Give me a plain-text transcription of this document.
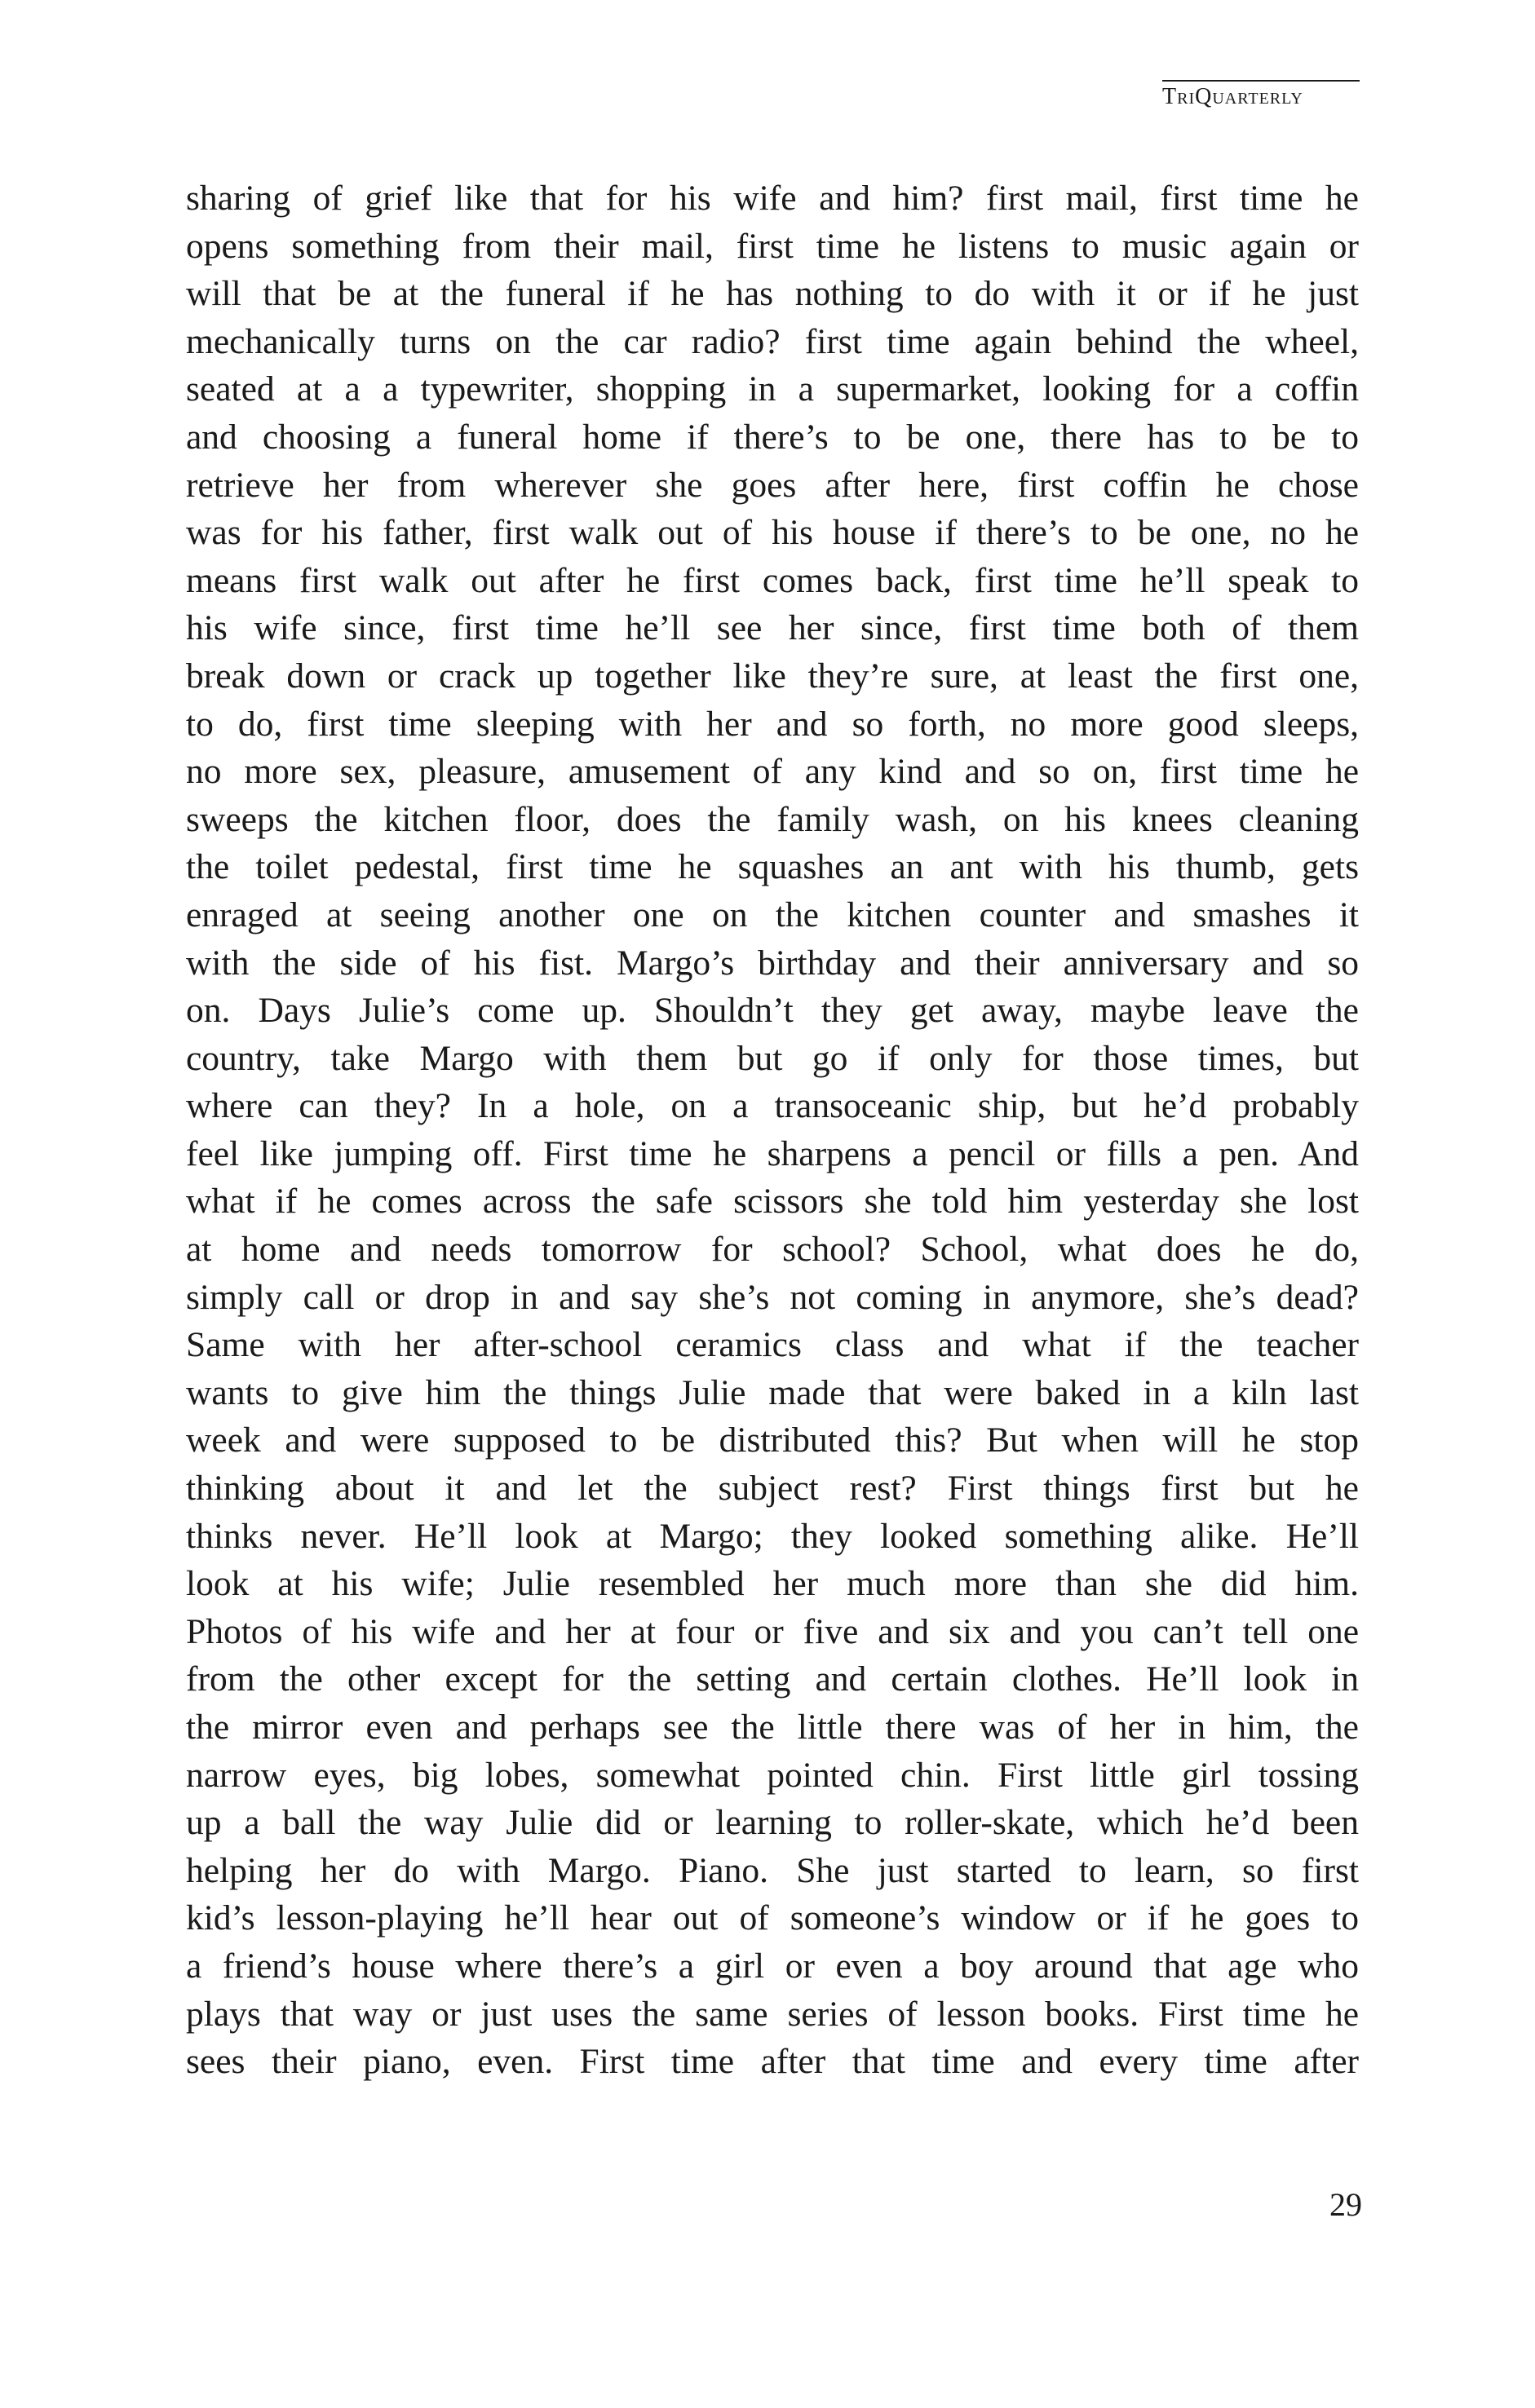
TriQuarterly
sharing of grief like that for his wife and him? first mail, first time he
opens something from their mail, first time he listens to music again or
will that be at the funeral if he has nothing to do with it or if he just
mechanically turns on the car radio? first time again behind the wheel,
seated at a a typewriter, shopping in a supermarket, looking for a coffin
and choosing a funeral home if there’s to be one, there has to be to
retrieve her from wherever she goes after here, first coffin he chose
was for his father, first walk out of his house if there’s to be one, no he
means first walk out after he first comes back, first time he’ll speak to
his wife since, first time he’ll see her since, first time both of them
break down or crack up together like they’re sure, at least the first one,
to do, first time sleeping with her and so forth, no more good sleeps,
no more sex, pleasure, amusement of any kind and so on, first time he
sweeps the kitchen floor, does the family wash, on his knees cleaning
the toilet pedestal, first time he squashes an ant with his thumb, gets
enraged at seeing another one on the kitchen counter and smashes it
with the side of his fist. Margo’s birthday and their anniversary and so
on. Days Julie’s come up. Shouldn’t they get away, maybe leave the
country, take Margo with them but go if only for those times, but
where can they? In a hole, on a transoceanic ship, but he’d probably
feel like jumping off. First time he sharpens a pencil or fills a pen. And
what if he comes across the safe scissors she told him yesterday she lost
at home and needs tomorrow for school? School, what does he do,
simply call or drop in and say she’s not coming in anymore, she’s dead?
Same with her after-school ceramics class and what if the teacher
wants to give him the things Julie made that were baked in a kiln last
week and were supposed to be distributed this? But when will he stop
thinking about it and let the subject rest? First things first but he
thinks never. He’ll look at Margo; they looked something alike. He’ll
look at his wife; Julie resembled her much more than she did him.
Photos of his wife and her at four or five and six and you can’t tell one
from the other except for the setting and certain clothes. He’ll look in
the mirror even and perhaps see the little there was of her in him, the
narrow eyes, big lobes, somewhat pointed chin. First little girl tossing
up a ball the way Julie did or learning to roller-skate, which he’d been
helping her do with Margo. Piano. She just started to learn, so first
kid’s lesson-playing he’ll hear out of someone’s window or if he goes to
a friend’s house where there’s a girl or even a boy around that age who
plays that way or just uses the same series of lesson books. First time he
sees their piano, even. First time after that time and every time after
29
